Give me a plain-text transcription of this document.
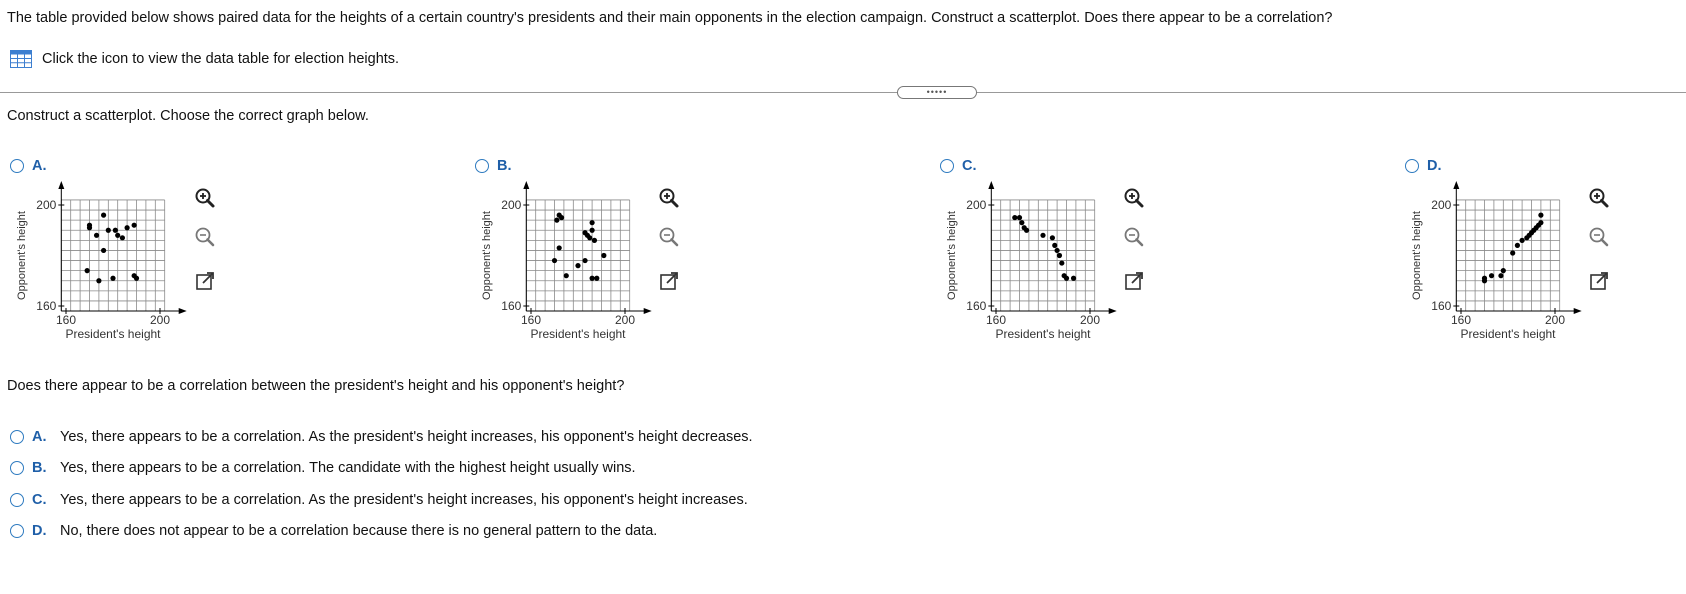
The table provided below shows paired data for the heights of a certain country's presidents and their main opponents in the election campaign. Construct a scatterplot. Does there appear to be a correlation?
Click the icon to view the data table for election heights.
•••••
Construct a scatterplot. Choose the correct graph below.
A.
160	200
160
200
President's height
Opponent's height
B.
160	200
160
200
President's height
Opponent's height
C.
160	200
160
200
President's height
Opponent's height
D.
160	200
160
200
President's height
Opponent's height
Does there appear to be a correlation between the president's height and his opponent's height?
A. Yes, there appears to be a correlation. As the president's height increases, his opponent's height decreases.
B. Yes, there appears to be a correlation. The candidate with the highest height usually wins.
C. Yes, there appears to be a correlation. As the president's height increases, his opponent's height increases.
D. No, there does not appear to be a correlation because there is no general pattern to the data.
